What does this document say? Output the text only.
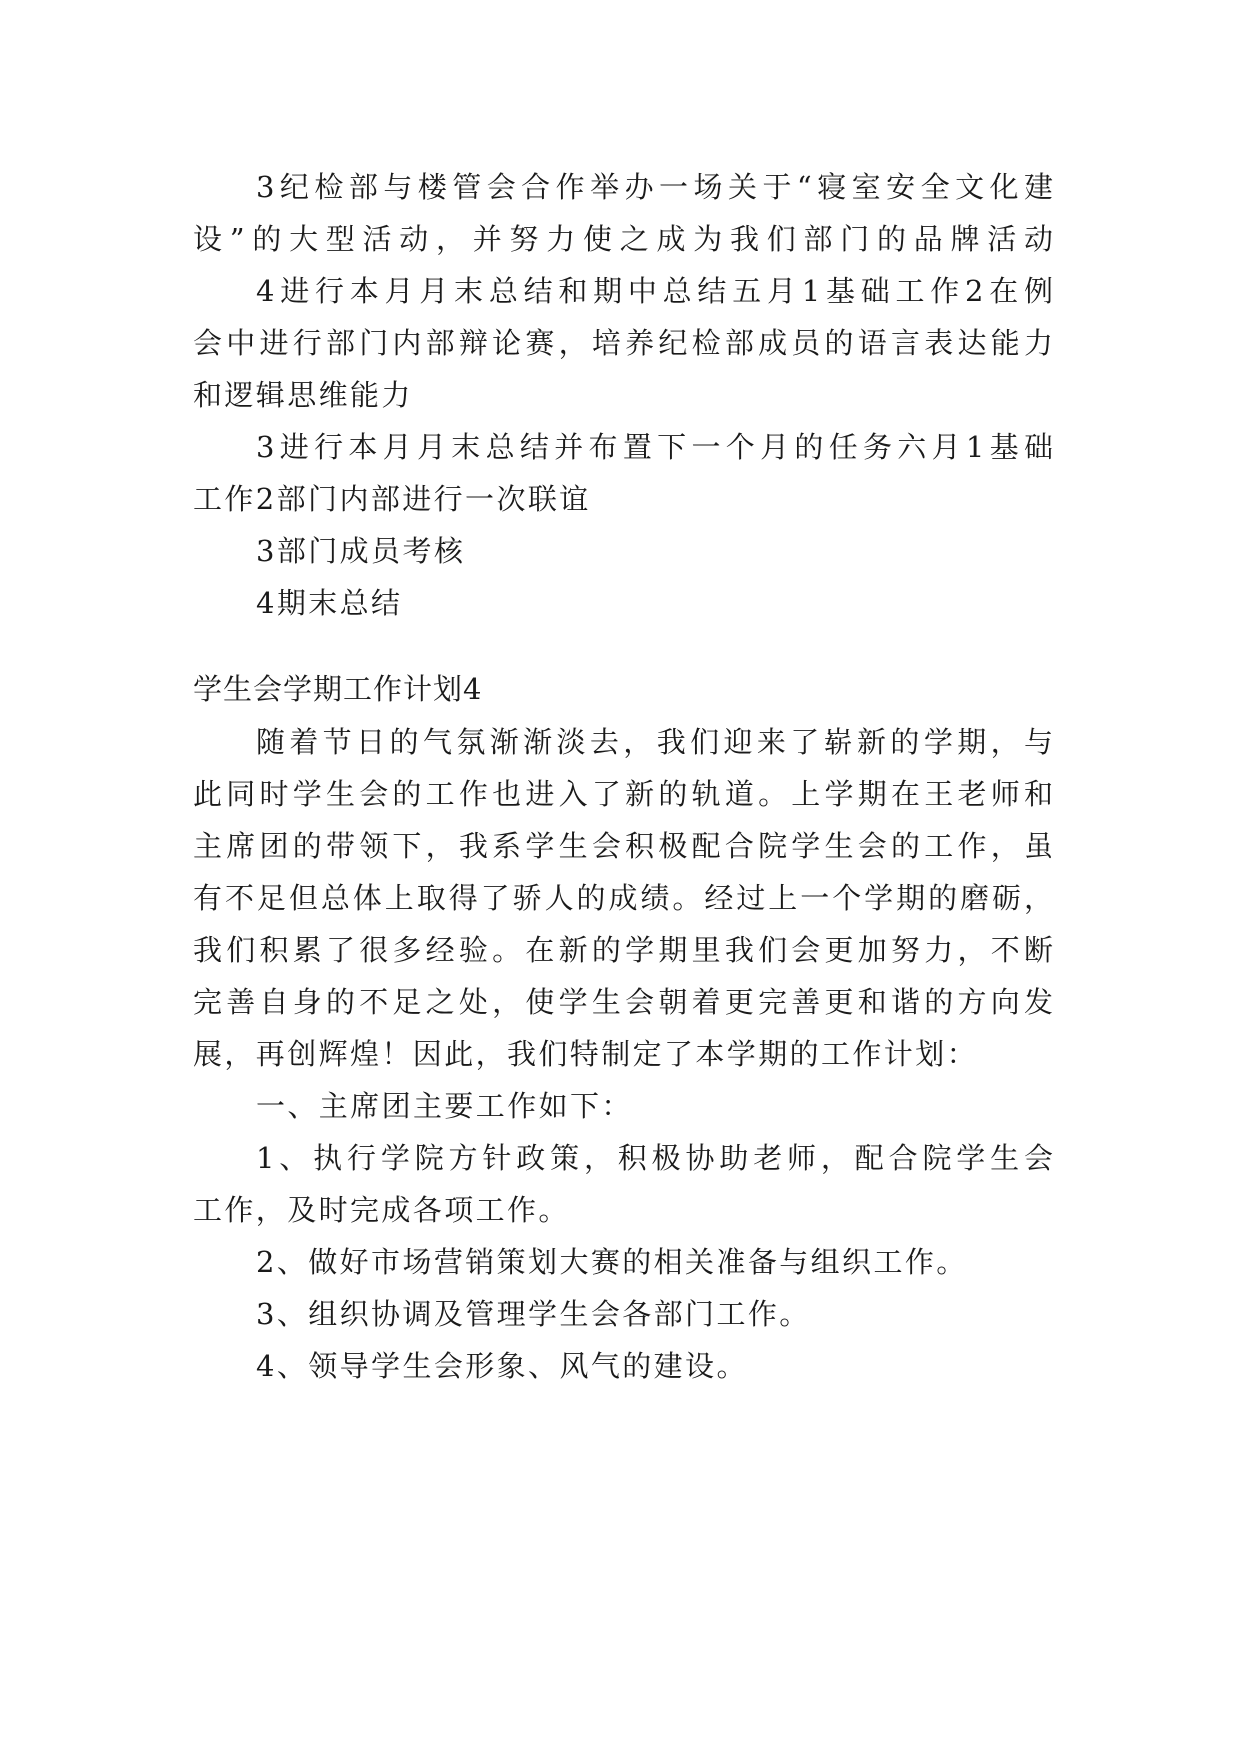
3纪检部与楼管会合作举办一场关于“寝室安全文化建
设”的大型活动，并努力使之成为我们部门的品牌活动
4进行本月月末总结和期中总结五月1基础工作2在例
会中进行部门内部辩论赛，培养纪检部成员的语言表达能力
和逻辑思维能力
3进行本月月末总结并布置下一个月的任务六月1基础
工作2部门内部进行一次联谊
3部门成员考核
4期末总结
学生会学期工作计划4
随着节日的气氛渐渐淡去，我们迎来了崭新的学期，与
此同时学生会的工作也进入了新的轨道。上学期在王老师和
主席团的带领下，我系学生会积极配合院学生会的工作，虽
有不足但总体上取得了骄人的成绩。经过上一个学期的磨砺，
我们积累了很多经验。在新的学期里我们会更加努力，不断
完善自身的不足之处，使学生会朝着更完善更和谐的方向发
展，再创辉煌！因此，我们特制定了本学期的工作计划：
一、主席团主要工作如下：
1、执行学院方针政策，积极协助老师，配合院学生会
工作，及时完成各项工作。
2、做好市场营销策划大赛的相关准备与组织工作。
3、组织协调及管理学生会各部门工作。
4、领导学生会形象、风气的建设。
